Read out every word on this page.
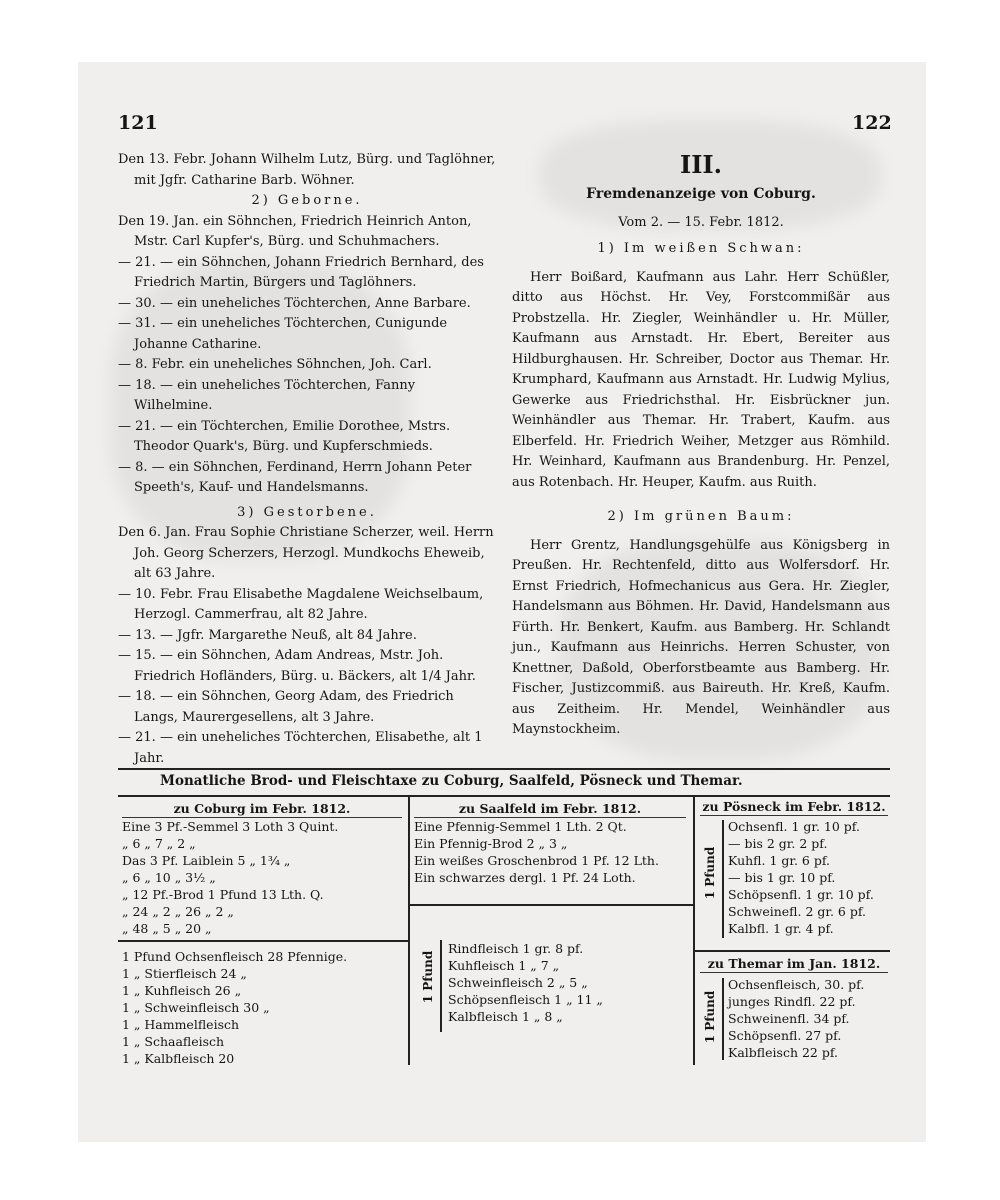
121	122

Den 13. Febr. Johann Wilhelm Lutz, Bürg. und Taglöhner, mit Jgfr. Catharine Barb. Wöhner.

2) Geborne.

Den 19. Jan. ein Söhnchen, Friedrich Heinrich Anton, Mstr. Carl Kupfer's, Bürg. und Schuhmachers.

— 21. — ein Söhnchen, Johann Friedrich Bernhard, des Friedrich Martin, Bürgers und Taglöhners.

— 30. — ein uneheliches Töchterchen, Anne Barbare.

— 31. — ein uneheliches Töchterchen, Cunigunde Johanne Catharine.

— 8. Febr. ein uneheliches Söhnchen, Joh. Carl.

— 18. — ein uneheliches Töchterchen, Fanny Wilhelmine.

— 21. — ein Töchterchen, Emilie Dorothee, Mstrs. Theodor Quark's, Bürg. und Kupferschmieds.

— 8. — ein Söhnchen, Ferdinand, Herrn Johann Peter Speeth's, Kauf- und Handelsmanns.

3) Gestorbene.

Den 6. Jan. Frau Sophie Christiane Scherzer, weil. Herrn Joh. Georg Scherzers, Herzogl. Mundkochs Eheweib, alt 63 Jahre.

— 10. Febr. Frau Elisabethe Magdalene Weichselbaum, Herzogl. Cammerfrau, alt 82 Jahre.

— 13. — Jgfr. Margarethe Neuß, alt 84 Jahre.

— 15. — ein Söhnchen, Adam Andreas, Mstr. Joh. Friedrich Hofländers, Bürg. u. Bäckers, alt 1/4 Jahr.

— 18. — ein Söhnchen, Georg Adam, des Friedrich Langs, Maurergesellens, alt 3 Jahre.

— 21. — ein uneheliches Töchterchen, Elisabethe, alt 1 Jahr.

III.

Fremdenanzeige von Coburg.

Vom 2. — 15. Febr. 1812.

1) Im weißen Schwan:

Herr Boißard, Kaufmann aus Lahr. Herr Schüßler, ditto aus Höchst. Hr. Vey, Forstcommißär aus Probstzella. Hr. Ziegler, Weinhändler u. Hr. Müller, Kaufmann aus Arnstadt. Hr. Ebert, Bereiter aus Hildburghausen. Hr. Schreiber, Doctor aus Themar. Hr. Krumphard, Kaufmann aus Arnstadt. Hr. Ludwig Mylius, Gewerke aus Friedrichsthal. Hr. Eisbrückner jun. Weinhändler aus Themar. Hr. Trabert, Kaufm. aus Elberfeld. Hr. Friedrich Weiher, Metzger aus Römhild. Hr. Weinhard, Kaufmann aus Brandenburg. Hr. Penzel, aus Rotenbach. Hr. Heuper, Kaufm. aus Ruith.

2) Im grünen Baum:

Herr Grentz, Handlungsgehülfe aus Königsberg in Preußen. Hr. Rechtenfeld, ditto aus Wolfersdorf. Hr. Ernst Friedrich, Hofmechanicus aus Gera. Hr. Ziegler, Handelsmann aus Böhmen. Hr. David, Handelsmann aus Fürth. Hr. Benkert, Kaufm. aus Bamberg. Hr. Schlandt jun., Kaufmann aus Heinrichs. Herren Schuster, von Knettner, Daßold, Oberforstbeamte aus Bamberg. Hr. Fischer, Justizcommiß. aus Baireuth. Hr. Kreß, Kaufm. aus Zeitheim. Hr. Mendel, Weinhändler aus Maynstockheim.

Monatliche Brod- und Fleischtaxe zu Coburg, Saalfeld, Pösneck und Themar.

zu Coburg im Febr. 1812.

Eine 3 Pf.-Semmel 3 Loth 3 Quint.

„ 6 „ 7 „ 2 „

Das 3 Pf. Laiblein 5 „ 1¾ „

„ 6 „ 10 „ 3½ „

„ 12 Pf.-Brod 1 Pfund 13 Lth. Q.

„ 24 „ 2 „ 26 „ 2 „

„ 48 „ 5 „ 20 „

1 Pfund Ochsenfleisch 28 Pfennige.

1 „ Stierfleisch 24 „

1 „ Kuhfleisch 26 „

1 „ Schweinfleisch 30 „

1 „ Hammelfleisch

1 „ Schaafleisch

1 „ Kalbfleisch 20

zu Saalfeld im Febr. 1812.

Eine Pfennig-Semmel 1 Lth. 2 Qt.

Ein Pfennig-Brod 2 „ 3 „

Ein weißes Groschenbrod 1 Pf. 12 Lth.

Ein schwarzes dergl. 1 Pf. 24 Loth.

1 Pfund

Rindfleisch 1 gr. 8 pf.

Kuhfleisch 1 „ 7 „

Schweinfleisch 2 „ 5 „

Schöpsenfleisch 1 „ 11 „

Kalbfleisch 1 „ 8 „

zu Pösneck im Febr. 1812.

1 Pfund

Ochsenfl. 1 gr. 10 pf.

— bis 2 gr. 2 pf.

Kuhfl. 1 gr. 6 pf.

— bis 1 gr. 10 pf.

Schöpsenfl. 1 gr. 10 pf.

Schweinefl. 2 gr. 6 pf.

Kalbfl. 1 gr. 4 pf.

zu Themar im Jan. 1812.

1 Pfund

Ochsenfleisch, 30. pf.

junges Rindfl. 22 pf.

Schweinenfl. 34 pf.

Schöpsenfl. 27 pf.

Kalbfleisch 22 pf.
